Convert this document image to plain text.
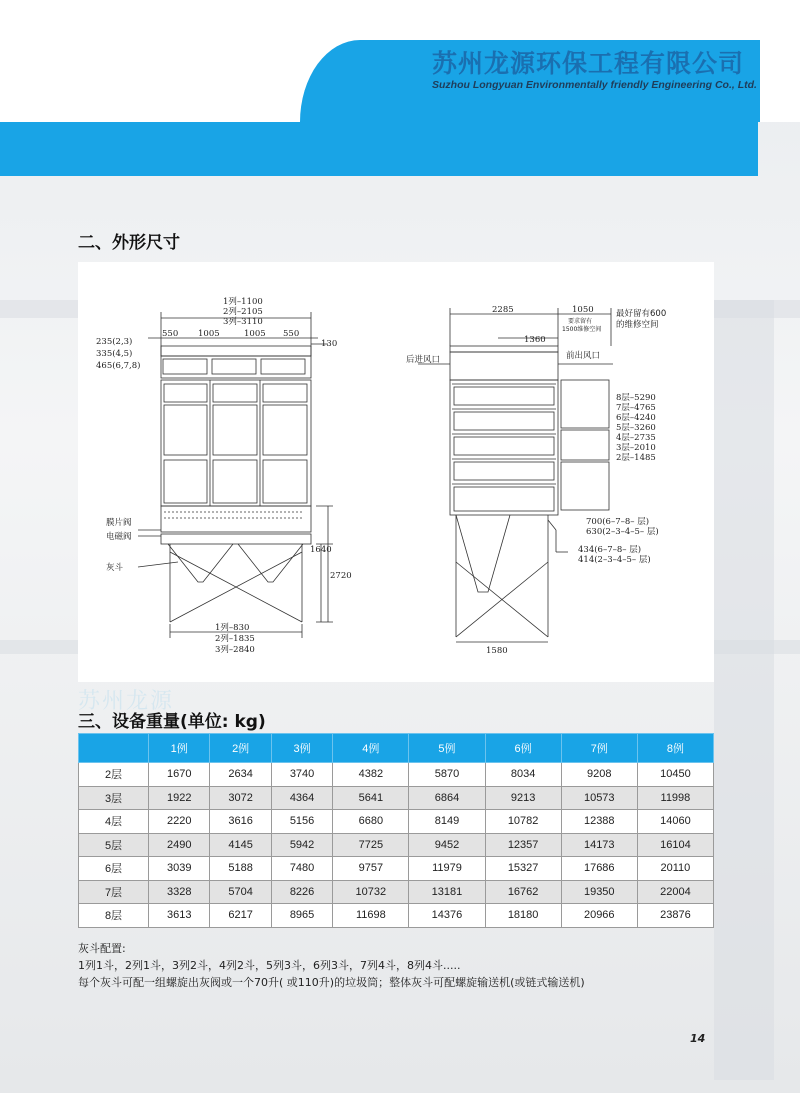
苏州龙源环保工程有限公司
Suzhou Longyuan Environmentally friendly Engineering Co., Ltd.
二、外形尺寸
1列–1100
2列–2105
3列–3110
550 1005	1005 550
130
235(2,3)
335(4,5)
465(6,7,8)
膜片阀
电磁阀
灰斗
1640
2720
1列–830
2列–1835
3列–2840
2285	1050	最好留有600
的维修空间
要求留有
1500维修空间
1360
后进风口	前出风口
8层–5290
7层–4765
6层–4240
5层–3260
4层–2735
3层–2010
2层–1485
700(6–7–8– 层)
630(2–3–4–5– 层)
434(6–7–8– 层)
414(2–3–4–5– 层)
1580
苏州龙源
三、设备重量(单位: kg)
	1例	2例	3例	4例	5例	6例	7例	8例
2层	1670	2634	3740	4382	5870	8034	9208	10450
3层	1922	3072	4364	5641	6864	9213	10573	11998
4层	2220	3616	5156	6680	8149	10782	12388	14060
5层	2490	4145	5942	7725	9452	12357	14173	16104
6层	3039	5188	7480	9757	11979	15327	17686	20110
7层	3328	5704	8226	10732	13181	16762	19350	22004
8层	3613	6217	8965	11698	14376	18180	20966	23876
灰斗配置:
1列1斗，2列1斗，3列2斗，4列2斗，5列3斗，6列3斗，7列4斗，8列4斗.....
每个灰斗可配一组螺旋出灰阀或一个70升( 或110升)的垃圾筒；整体灰斗可配螺旋输送机(或链式输送机)
14
